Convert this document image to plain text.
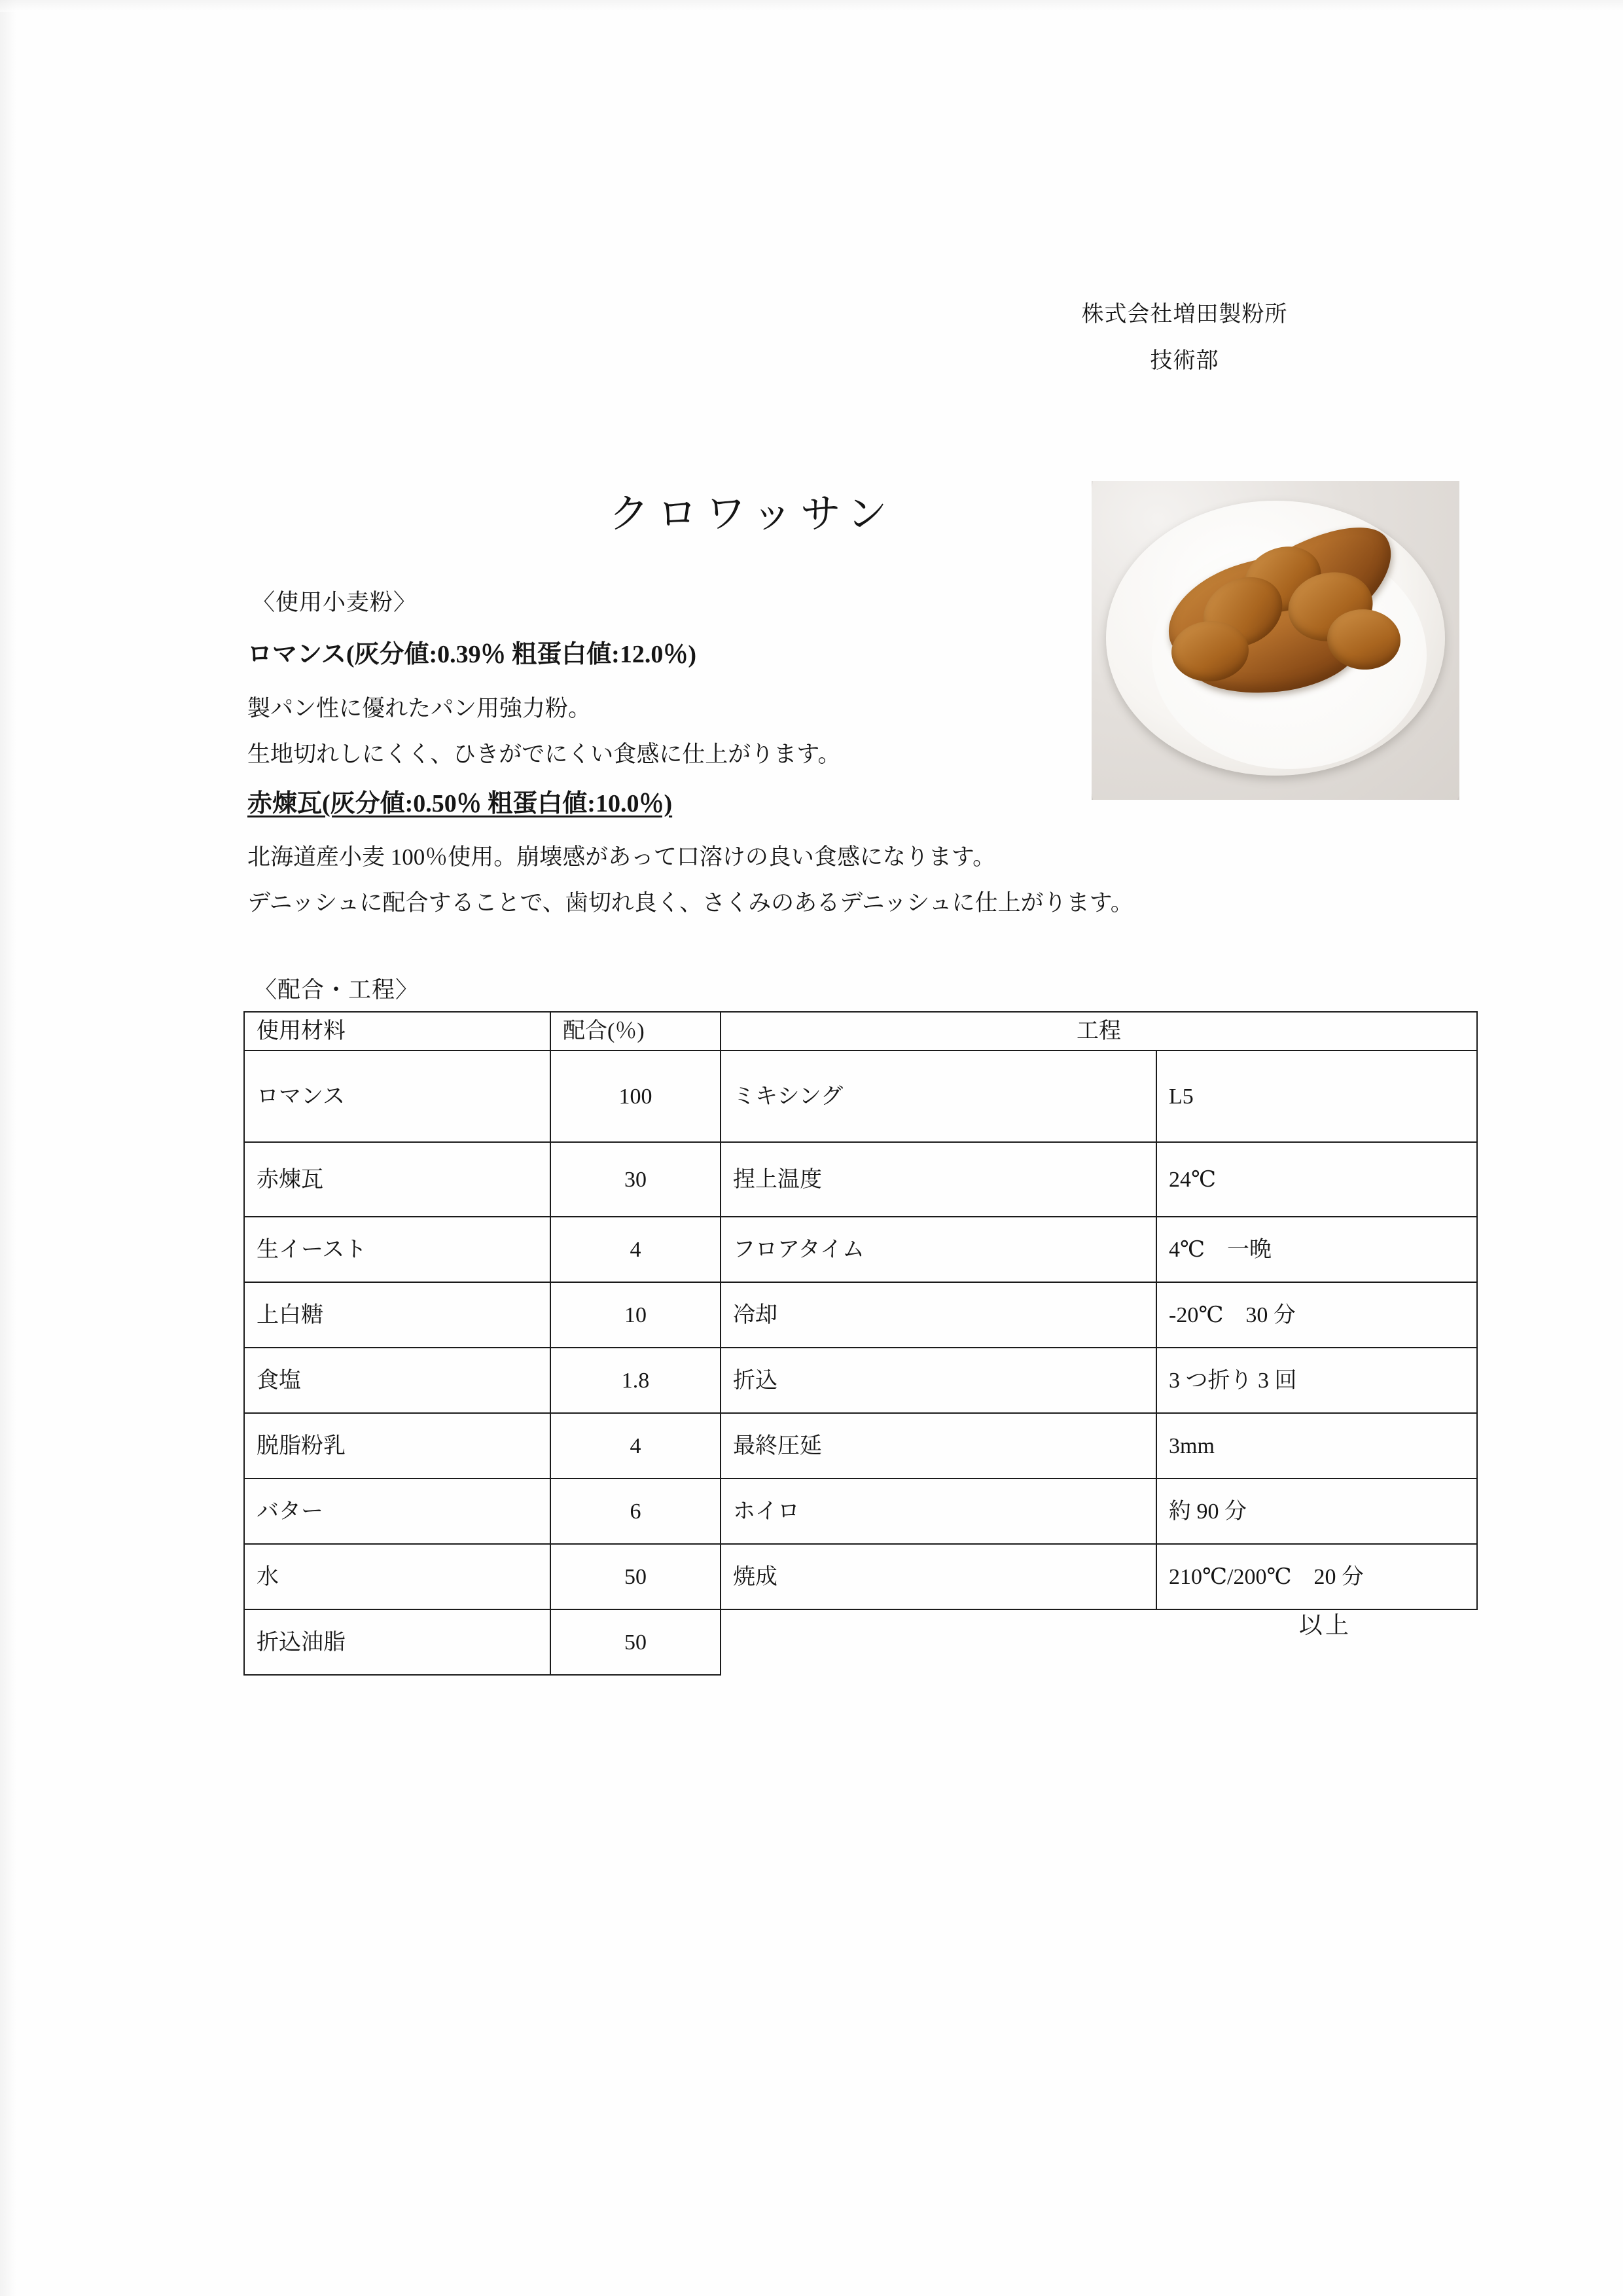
株式会社増田製粉所
技術部
クロワッサン
〈使用小麦粉〉
ロマンス(灰分値:0.39％ 粗蛋白値:12.0％)
製パン性に優れたパン用強力粉。
生地切れしにくく、ひきがでにくい食感に仕上がります。
赤煉瓦(灰分値:0.50％ 粗蛋白値:10.0％)
北海道産小麦 100％使用。崩壊感があって口溶けの良い食感になります。
デニッシュに配合することで、歯切れ良く、さくみのあるデニッシュに仕上がります。
〈配合・工程〉
使用材料	配合(％)	工程	
ロマンス	100	ミキシング	L5
赤煉瓦	30	捏上温度	24℃
生イースト	4	フロアタイム	4℃　一晩
上白糖	10	冷却	-20℃　30 分
食塩	1.8	折込	3 つ折り 3 回
脱脂粉乳	4	最終圧延	3mm
バター	6	ホイロ	約 90 分
水	50	焼成	210℃/200℃　20 分
折込油脂	50		
以上
